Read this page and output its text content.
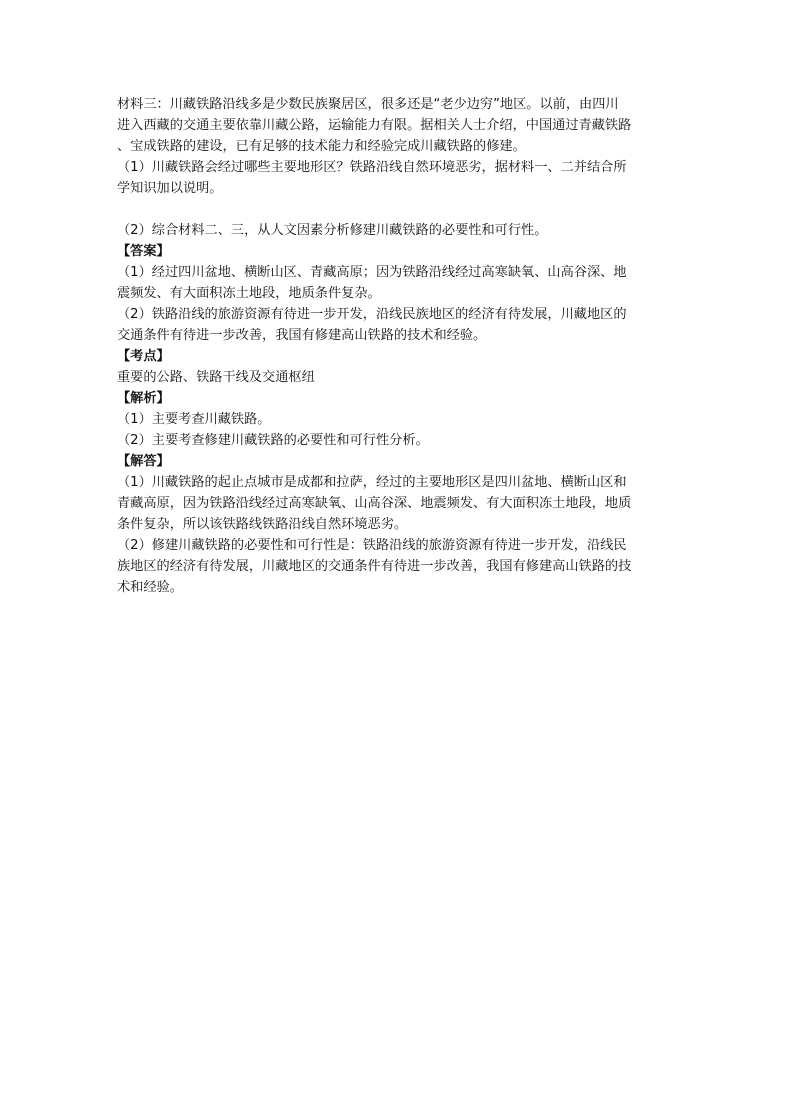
材料三：川藏铁路沿线多是少数民族聚居区，很多还是“老少边穷”地区。以前，由四川
进入西藏的交通主要依靠川藏公路，运输能力有限。据相关人士介绍，中国通过青藏铁路
、宝成铁路的建设，已有足够的技术能力和经验完成川藏铁路的修建。
（1）川藏铁路会经过哪些主要地形区？铁路沿线自然环境恶劣，据材料一、二并结合所
学知识加以说明。
（2）综合材料二、三，从人文因素分析修建川藏铁路的必要性和可行性。
【答案】
（1）经过四川盆地、横断山区、青藏高原；因为铁路沿线经过高寒缺氧、山高谷深、地
震频发、有大面积冻土地段，地质条件复杂。
（2）铁路沿线的旅游资源有待进一步开发，沿线民族地区的经济有待发展，川藏地区的
交通条件有待进一步改善，我国有修建高山铁路的技术和经验。
【考点】
重要的公路、铁路干线及交通枢纽
【解析】
（1）主要考查川藏铁路。
（2）主要考查修建川藏铁路的必要性和可行性分析。
【解答】
（1）川藏铁路的起止点城市是成都和拉萨，经过的主要地形区是四川盆地、横断山区和
青藏高原，因为铁路沿线经过高寒缺氧、山高谷深、地震频发、有大面积冻土地段，地质
条件复杂，所以该铁路线铁路沿线自然环境恶劣。
（2）修建川藏铁路的必要性和可行性是：铁路沿线的旅游资源有待进一步开发，沿线民
族地区的经济有待发展，川藏地区的交通条件有待进一步改善，我国有修建高山铁路的技
术和经验。
